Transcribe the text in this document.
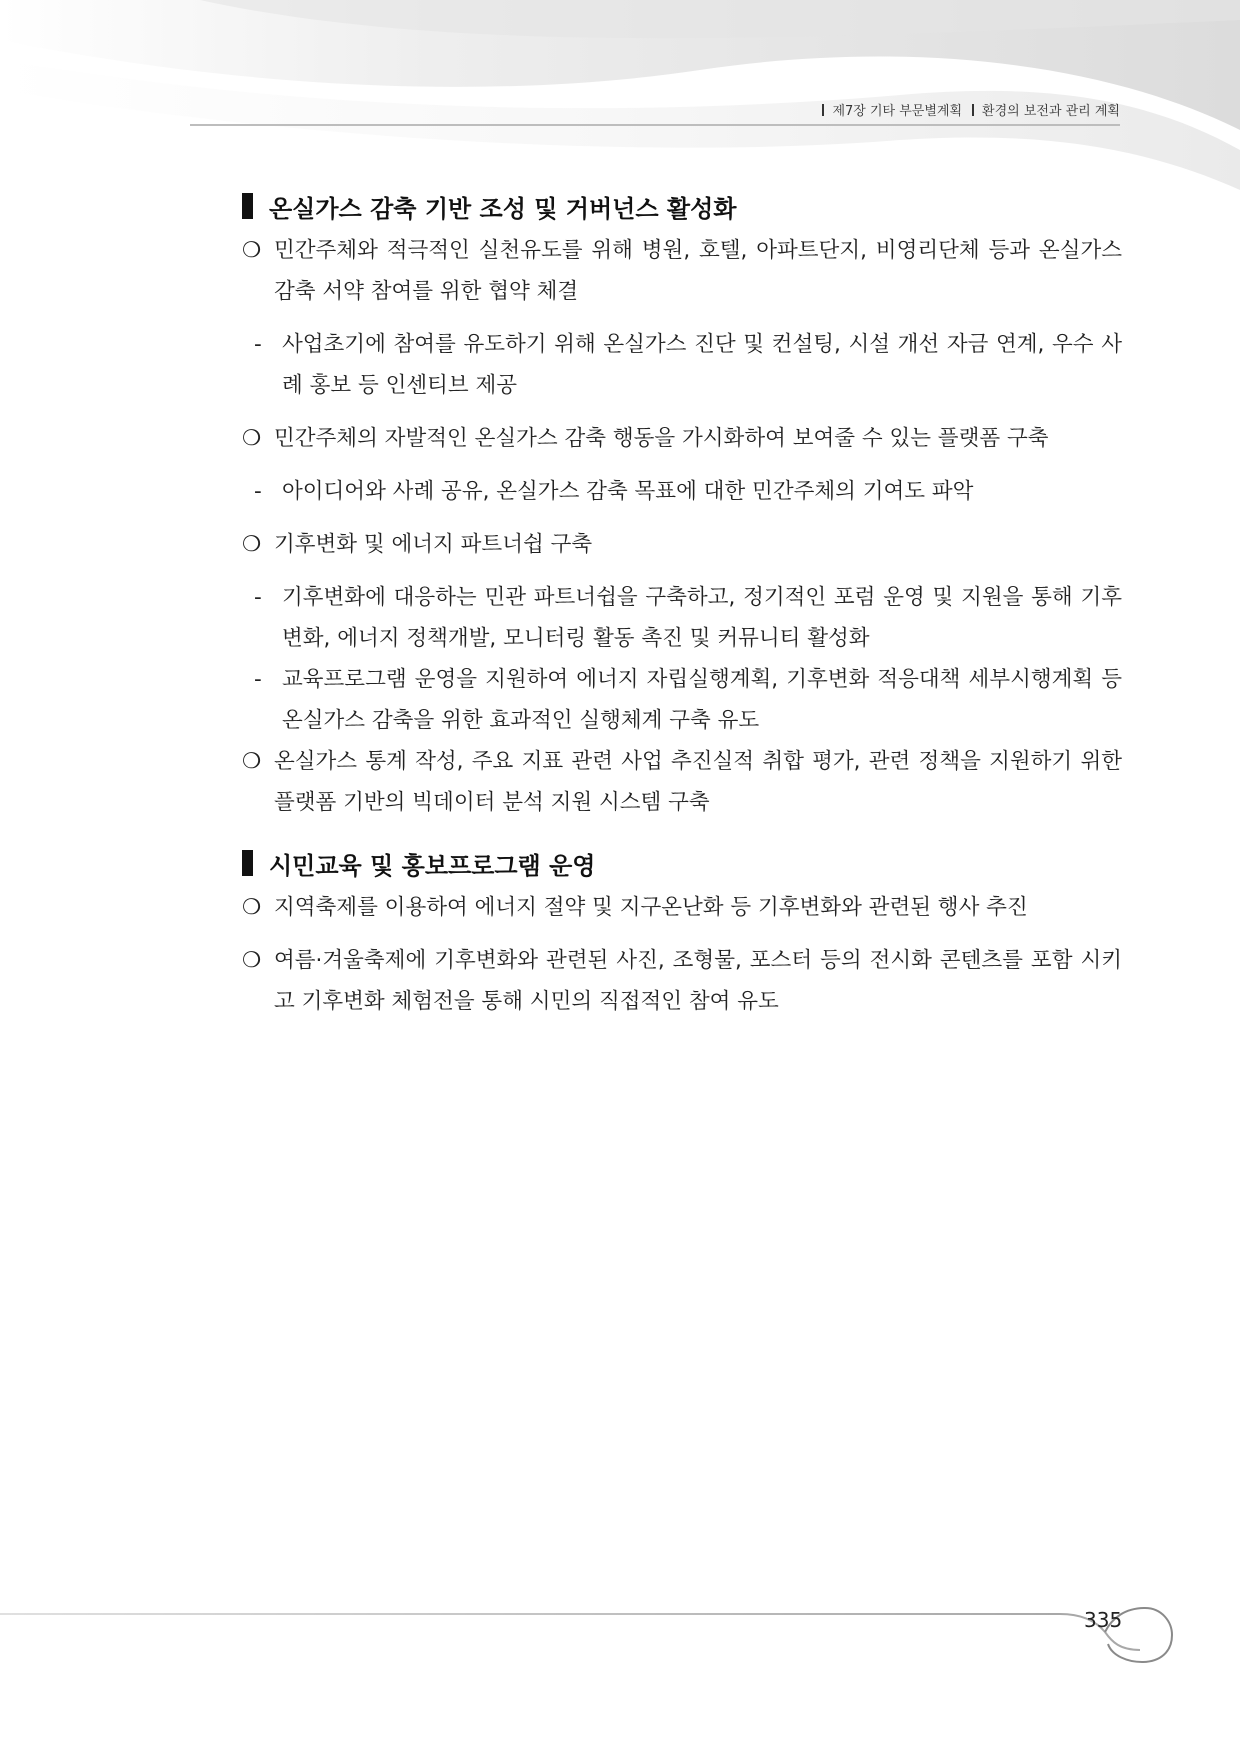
제7장 기타 부문별계획 환경의 보전과 관리 계획
온실가스 감축 기반 조성 및 거버넌스 활성화
❍ 민간주체와 적극적인 실천유도를 위해 병원, 호텔, 아파트단지, 비영리단체 등과 온실가스 감축 서약 참여를 위한 협약 체결
- 사업초기에 참여를 유도하기 위해 온실가스 진단 및 컨설팅, 시설 개선 자금 연계, 우수 사례 홍보 등 인센티브 제공
❍ 민간주체의 자발적인 온실가스 감축 행동을 가시화하여 보여줄 수 있는 플랫폼 구축
- 아이디어와 사례 공유, 온실가스 감축 목표에 대한 민간주체의 기여도 파악
❍ 기후변화 및 에너지 파트너쉽 구축
- 기후변화에 대응하는 민관 파트너쉽을 구축하고, 정기적인 포럼 운영 및 지원을 통해 기후변화, 에너지 정책개발, 모니터링 활동 촉진 및 커뮤니티 활성화
- 교육프로그램 운영을 지원하여 에너지 자립실행계획, 기후변화 적응대책 세부시행계획 등 온실가스 감축을 위한 효과적인 실행체계 구축 유도
❍ 온실가스 통계 작성, 주요 지표 관련 사업 추진실적 취합 평가, 관련 정책을 지원하기 위한 플랫폼 기반의 빅데이터 분석 지원 시스템 구축
시민교육 및 홍보프로그램 운영
❍ 지역축제를 이용하여 에너지 절약 및 지구온난화 등 기후변화와 관련된 행사 추진
❍ 여름·겨울축제에 기후변화와 관련된 사진, 조형물, 포스터 등의 전시화 콘텐츠를 포함 시키고 기후변화 체험전을 통해 시민의 직접적인 참여 유도
335
